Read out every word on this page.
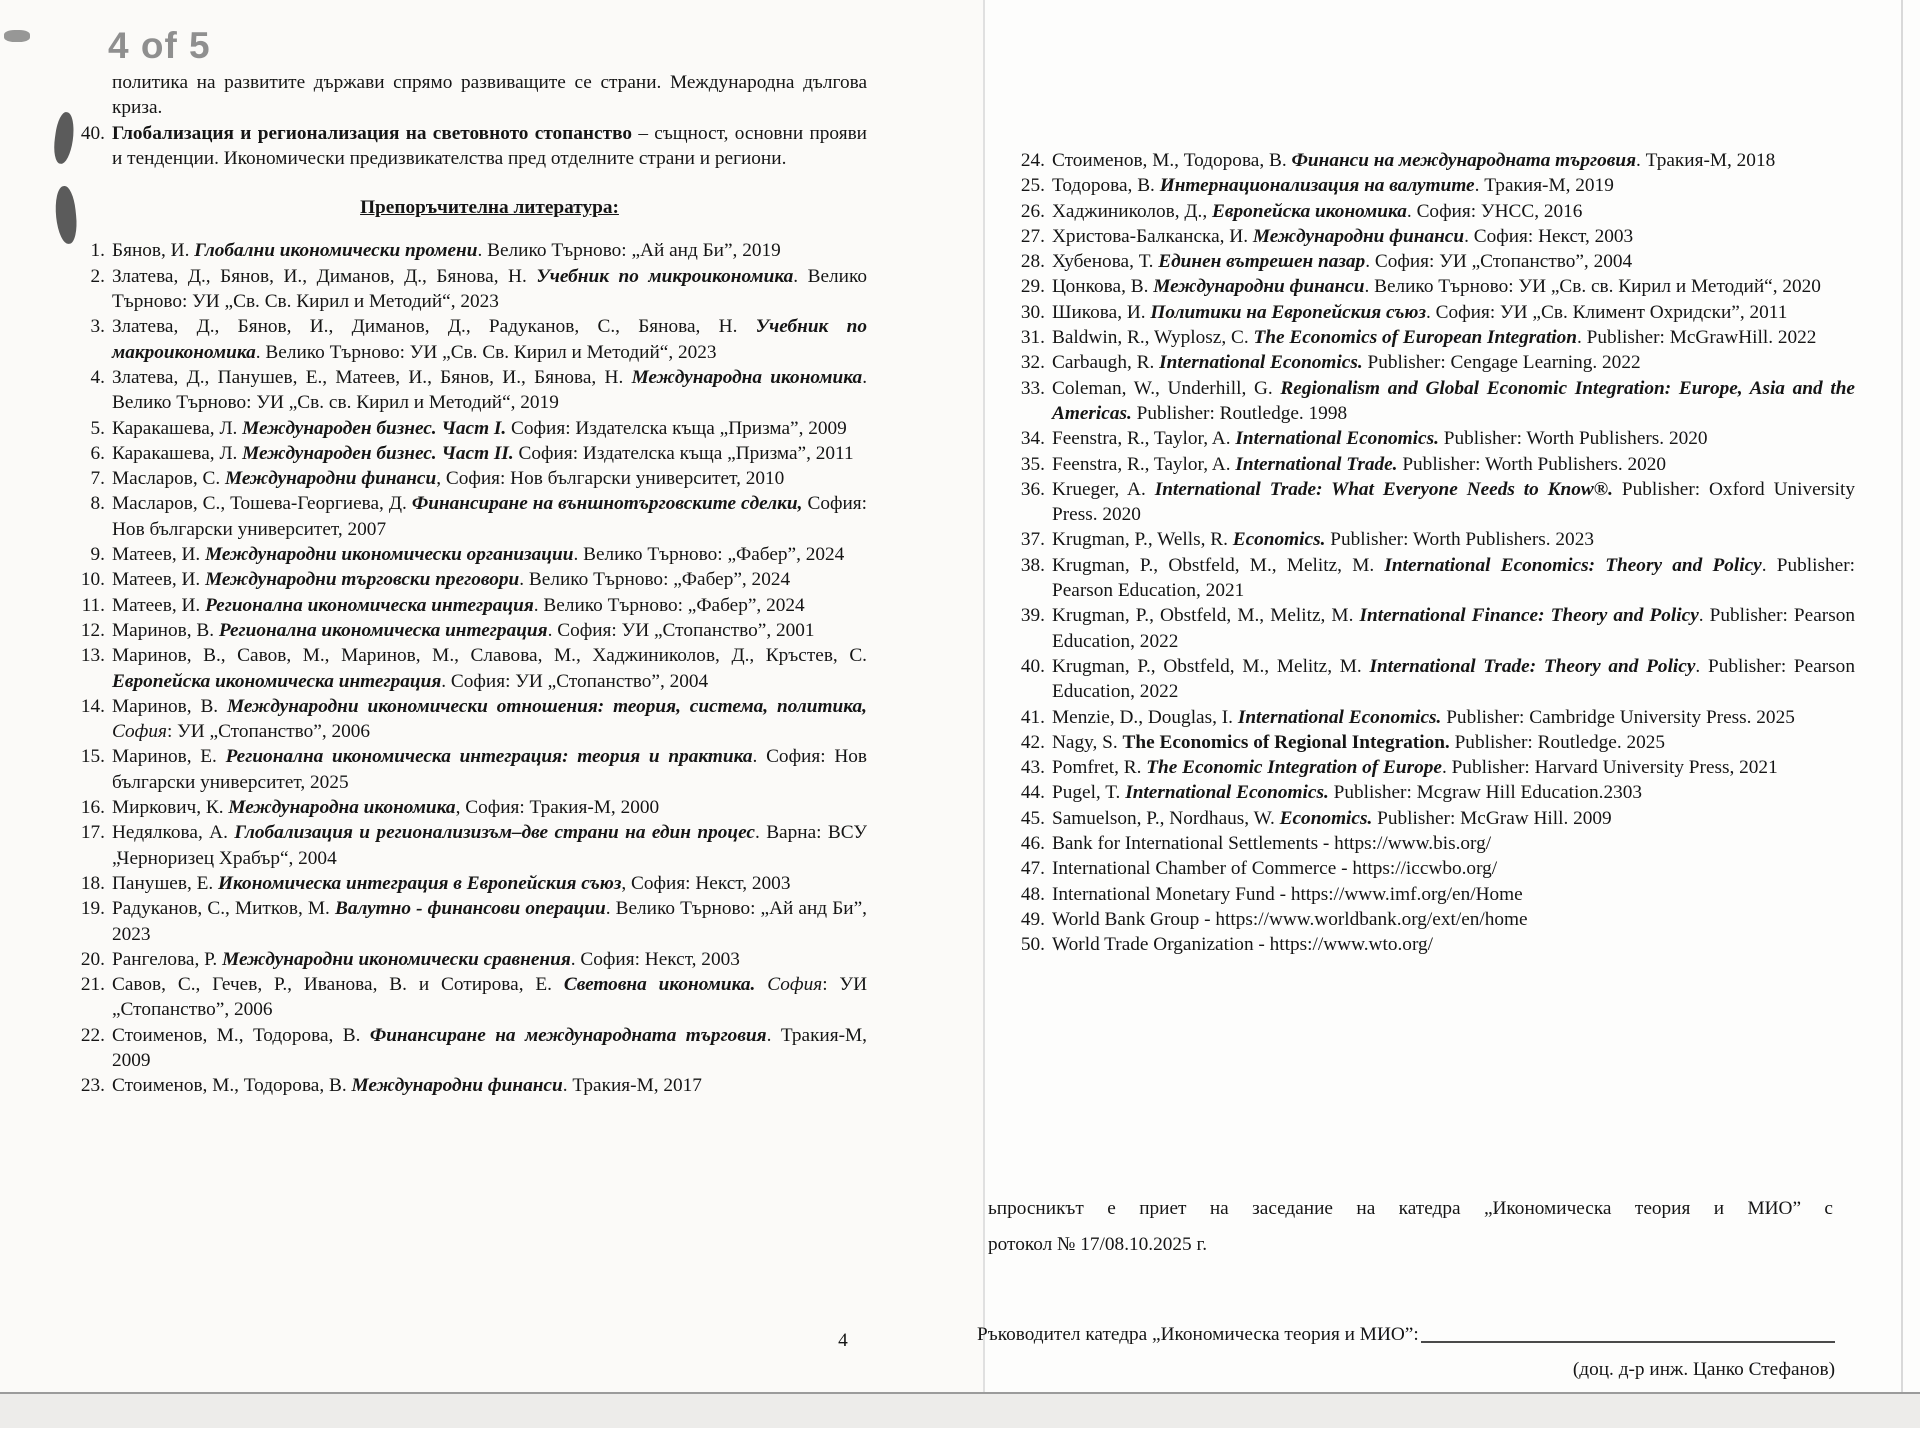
4 of 5
политика на развитите държави спрямо развиващите се страни. Международна дългова криза.
40. Глобализация и регионализация на световното стопанство – същност, основни прояви и тенденции. Икономически предизвикателства пред отделните страни и региони.
Препоръчителна литература:
1. Бянов, И. Глобални икономически промени. Велико Търново: „Ай анд Би”, 2019
2. Златева, Д., Бянов, И., Диманов, Д., Бянова, Н. Учебник по микроикономика. Велико Търново: УИ „Св. Св. Кирил и Методий“, 2023
3. Златева, Д., Бянов, И., Диманов, Д., Радуканов, С., Бянова, Н. Учебник по макроикономика. Велико Търново: УИ „Св. Св. Кирил и Методий“, 2023
4. Златева, Д., Панушев, Е., Матеев, И., Бянов, И., Бянова, Н. Международна икономика. Велико Търново: УИ „Св. св. Кирил и Методий“, 2019
5. Каракашева, Л. Международен бизнес. Част I. София: Издателска къща „Призма”, 2009
6. Каракашева, Л. Международен бизнес. Част II. София: Издателска къща „Призма”, 2011
7. Масларов, С. Международни финанси, София: Нов български университет, 2010
8. Масларов, С., Тошева-Георгиева, Д. Финансиране на външнотърговските сделки, София: Нов български университет, 2007
9. Матеев, И. Международни икономически организации. Велико Търново: „Фабер”, 2024
10. Матеев, И. Международни търговски преговори. Велико Търново: „Фабер”, 2024
11. Матеев, И. Регионална икономическа интеграция. Велико Търново: „Фабер”, 2024
12. Маринов, В. Регионална икономическа интеграция. София: УИ „Стопанство”, 2001
13. Маринов, В., Савов, М., Маринов, М., Славова, М., Хаджиниколов, Д., Кръстев, С. Европейска икономическа интеграция. София: УИ „Стопанство”, 2004
14. Маринов, В. Международни икономически отношения: теория, система, политика, София: УИ „Стопанство”, 2006
15. Маринов, Е. Регионална икономическа интеграция: теория и практика. София: Нов български университет, 2025
16. Миркович, К. Международна икономика, София: Тракия-М, 2000
17. Недялкова, А. Глобализация и регионализизъм–две страни на един процес. Варна: ВСУ „Черноризец Храбър“, 2004
18. Панушев, Е. Икономическа интеграция в Европейския съюз, София: Некст, 2003
19. Радуканов, С., Митков, М. Валутно - финансови операции. Велико Търново: „Ай анд Би”, 2023
20. Рангелова, Р. Международни икономически сравнения. София: Некст, 2003
21. Савов, С., Гечев, Р., Иванова, В. и Сотирова, Е. Световна икономика. София: УИ „Стопанство”, 2006
22. Стоименов, М., Тодорова, В. Финансиране на международната търговия. Тракия-М, 2009
23. Стоименов, М., Тодорова, В. Международни финанси. Тракия-М, 2017
4
24. Стоименов, М., Тодорова, В. Финанси на международната търговия. Тракия-М, 2018
25. Тодорова, В. Интернационализация на валутите. Тракия-М, 2019
26. Хаджиниколов, Д., Европейска икономика. София: УНСС, 2016
27. Христова-Балканска, И. Международни финанси. София: Некст, 2003
28. Хубенова, Т. Единен вътрешен пазар. София: УИ „Стопанство”, 2004
29. Цонкова, В. Международни финанси. Велико Търново: УИ „Св. св. Кирил и Методий“, 2020
30. Шикова, И. Политики на Европейския съюз. София: УИ „Св. Климент Охридски”, 2011
31. Baldwin, R., Wyplosz, C. The Economics of European Integration. Publisher: McGrawHill. 2022
32. Carbaugh, R. International Economics. Publisher: Cengage Learning. 2022
33. Coleman, W., Underhill, G. Regionalism and Global Economic Integration: Europe, Asia and the Americas. Publisher: Routledge. 1998
34. Feenstra, R., Taylor, A. International Economics. Publisher: Worth Publishers. 2020
35. Feenstra, R., Taylor, A. International Trade. Publisher: Worth Publishers. 2020
36. Krueger, A. International Trade: What Everyone Needs to Know®. Publisher: Oxford University Press. 2020
37. Krugman, P., Wells, R. Economics. Publisher: Worth Publishers. 2023
38. Krugman, P., Obstfeld, M., Melitz, M. International Economics: Theory and Policy. Publisher: Pearson Education, 2021
39. Krugman, P., Obstfeld, M., Melitz, M. International Finance: Theory and Policy. Publisher: Pearson Education, 2022
40. Krugman, P., Obstfeld, M., Melitz, M. International Trade: Theory and Policy. Publisher: Pearson Education, 2022
41. Menzie, D., Douglas, I. International Economics. Publisher: Cambridge University Press. 2025
42. Nagy, S. The Economics of Regional Integration. Publisher: Routledge. 2025
43. Pomfret, R. The Economic Integration of Europe. Publisher: Harvard University Press, 2021
44. Pugel, T. International Economics. Publisher: Mcgraw Hill Education.2303
45. Samuelson, P., Nordhaus, W. Economics. Publisher: McGraw Hill. 2009
46. Bank for International Settlements - https://www.bis.org/
47. International Chamber of Commerce - https://iccwbo.org/
48. International Monetary Fund - https://www.imf.org/en/Home
49. World Bank Group - https://www.worldbank.org/ext/en/home
50. World Trade Organization - https://www.wto.org/
ьпросникът е приет на заседание на катедра „Икономическа теория и МИО” с
ротокол № 17/08.10.2025 г.
Ръководител катедра „Икономическа теория и МИО”:
(доц. д-р инж. Цанко Стефанов)
